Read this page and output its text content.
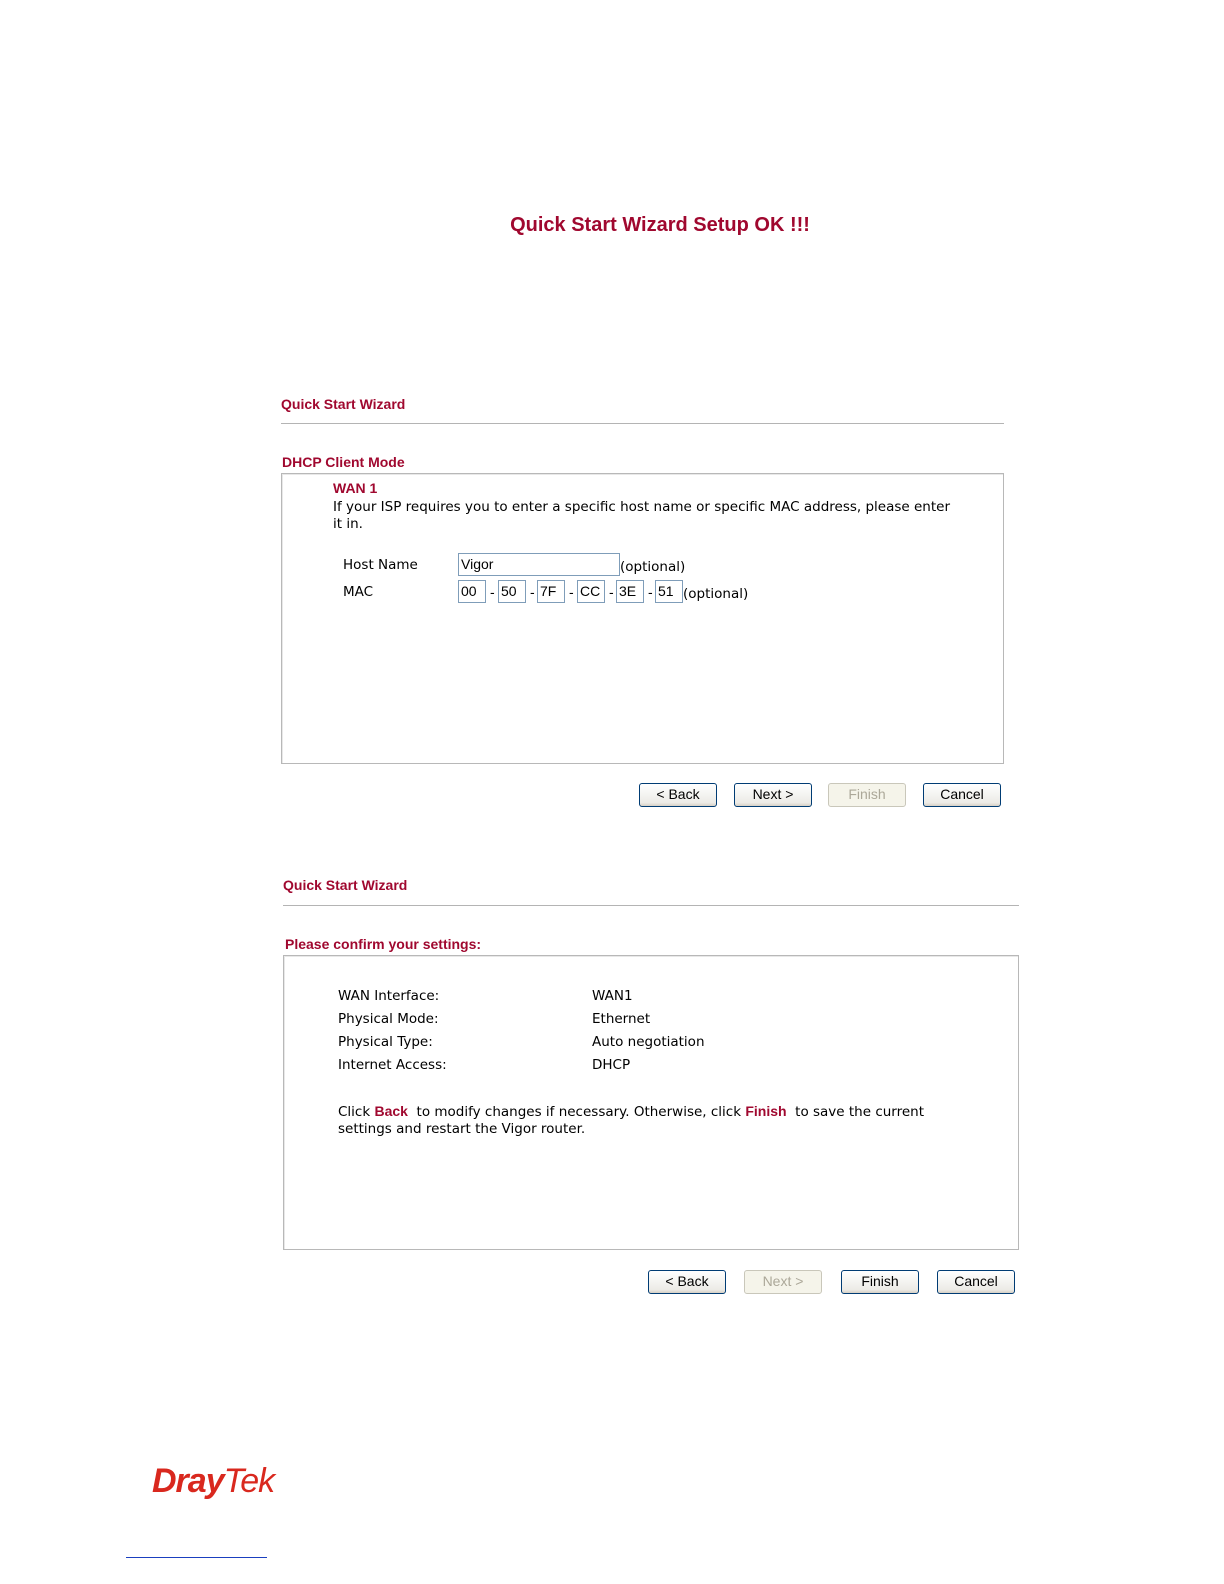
Quick Start Wizard Setup OK !!!
Quick Start Wizard
DHCP Client Mode
WAN 1
If your ISP requires you to enter a specific host name or specific MAC address, please enter it in.
Host Name	Vigor	(optional)
MAC	00 - 50 - 7F - CC - 3E - 51 (optional)
< Back	Next >	Finish	Cancel
Quick Start Wizard
Please confirm your settings:
WAN Interface:	WAN1
Physical Mode:	Ethernet
Physical Type:	Auto negotiation
Internet Access:	DHCP
Click Back  to modify changes if necessary. Otherwise, click Finish  to save the current settings and restart the Vigor router.
< Back	Next >	Finish	Cancel
DrayTek
